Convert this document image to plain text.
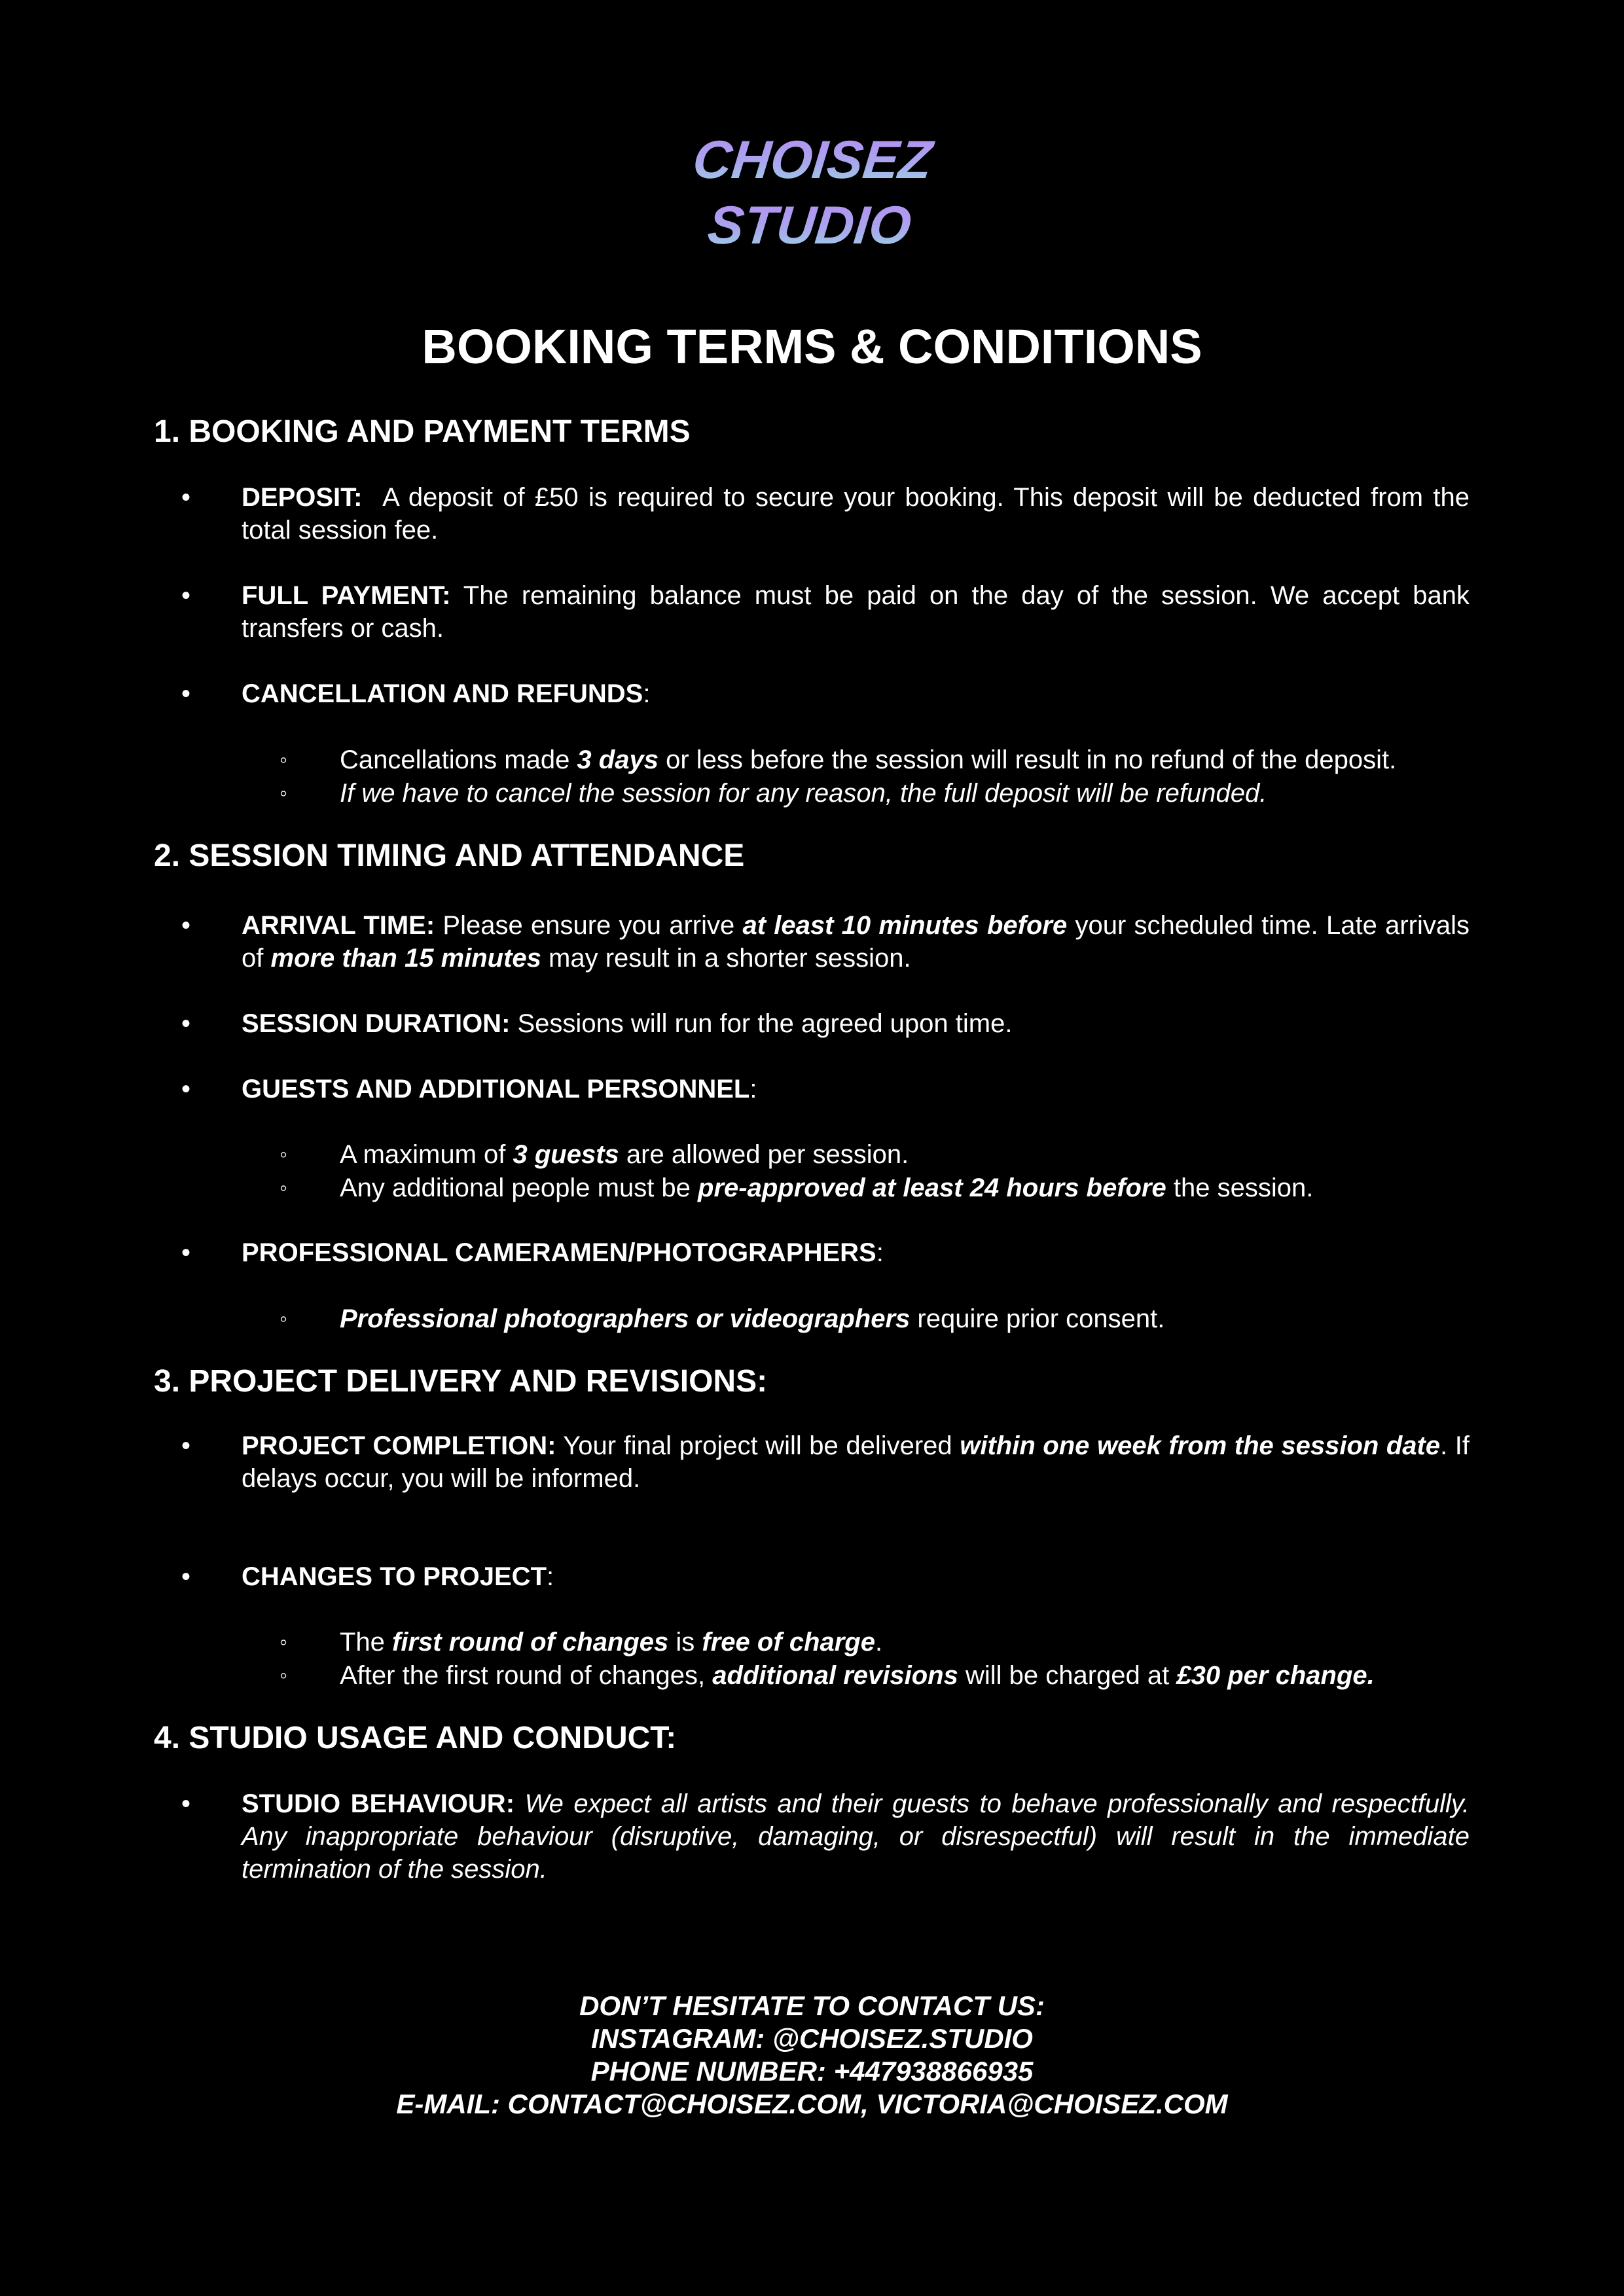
CHOISEZ
STUDIO
BOOKING TERMS & CONDITIONS
1. BOOKING AND PAYMENT TERMS
• DEPOSIT: A deposit of £50 is required to secure your booking. This deposit will be deducted from the total session fee.
• FULL PAYMENT: The remaining balance must be paid on the day of the session. We accept bank transfers or cash.
• CANCELLATION AND REFUNDS:
◦ Cancellations made 3 days or less before the session will result in no refund of the deposit.
◦ If we have to cancel the session for any reason, the full deposit will be refunded.
2. SESSION TIMING AND ATTENDANCE
• ARRIVAL TIME: Please ensure you arrive at least 10 minutes before your scheduled time. Late arrivals of more than 15 minutes may result in a shorter session.
• SESSION DURATION: Sessions will run for the agreed upon time.
• GUESTS AND ADDITIONAL PERSONNEL:
◦ A maximum of 3 guests are allowed per session.
◦ Any additional people must be pre-approved at least 24 hours before the session.
• PROFESSIONAL CAMERAMEN/PHOTOGRAPHERS:
◦ Professional photographers or videographers require prior consent.
3. PROJECT DELIVERY AND REVISIONS:
• PROJECT COMPLETION: Your final project will be delivered within one week from the session date. If delays occur, you will be informed.
• CHANGES TO PROJECT:
◦ The first round of changes is free of charge.
◦ After the first round of changes, additional revisions will be charged at £30 per change.
4. STUDIO USAGE AND CONDUCT:
• STUDIO BEHAVIOUR: We expect all artists and their guests to behave professionally and respectfully. Any inappropriate behaviour (disruptive, damaging, or disrespectful) will result in the immediate termination of the session.
DON’T HESITATE TO CONTACT US:
INSTAGRAM: @CHOISEZ.STUDIO
PHONE NUMBER: +447938866935
E-MAIL: CONTACT@CHOISEZ.COM, VICTORIA@CHOISEZ.COM
